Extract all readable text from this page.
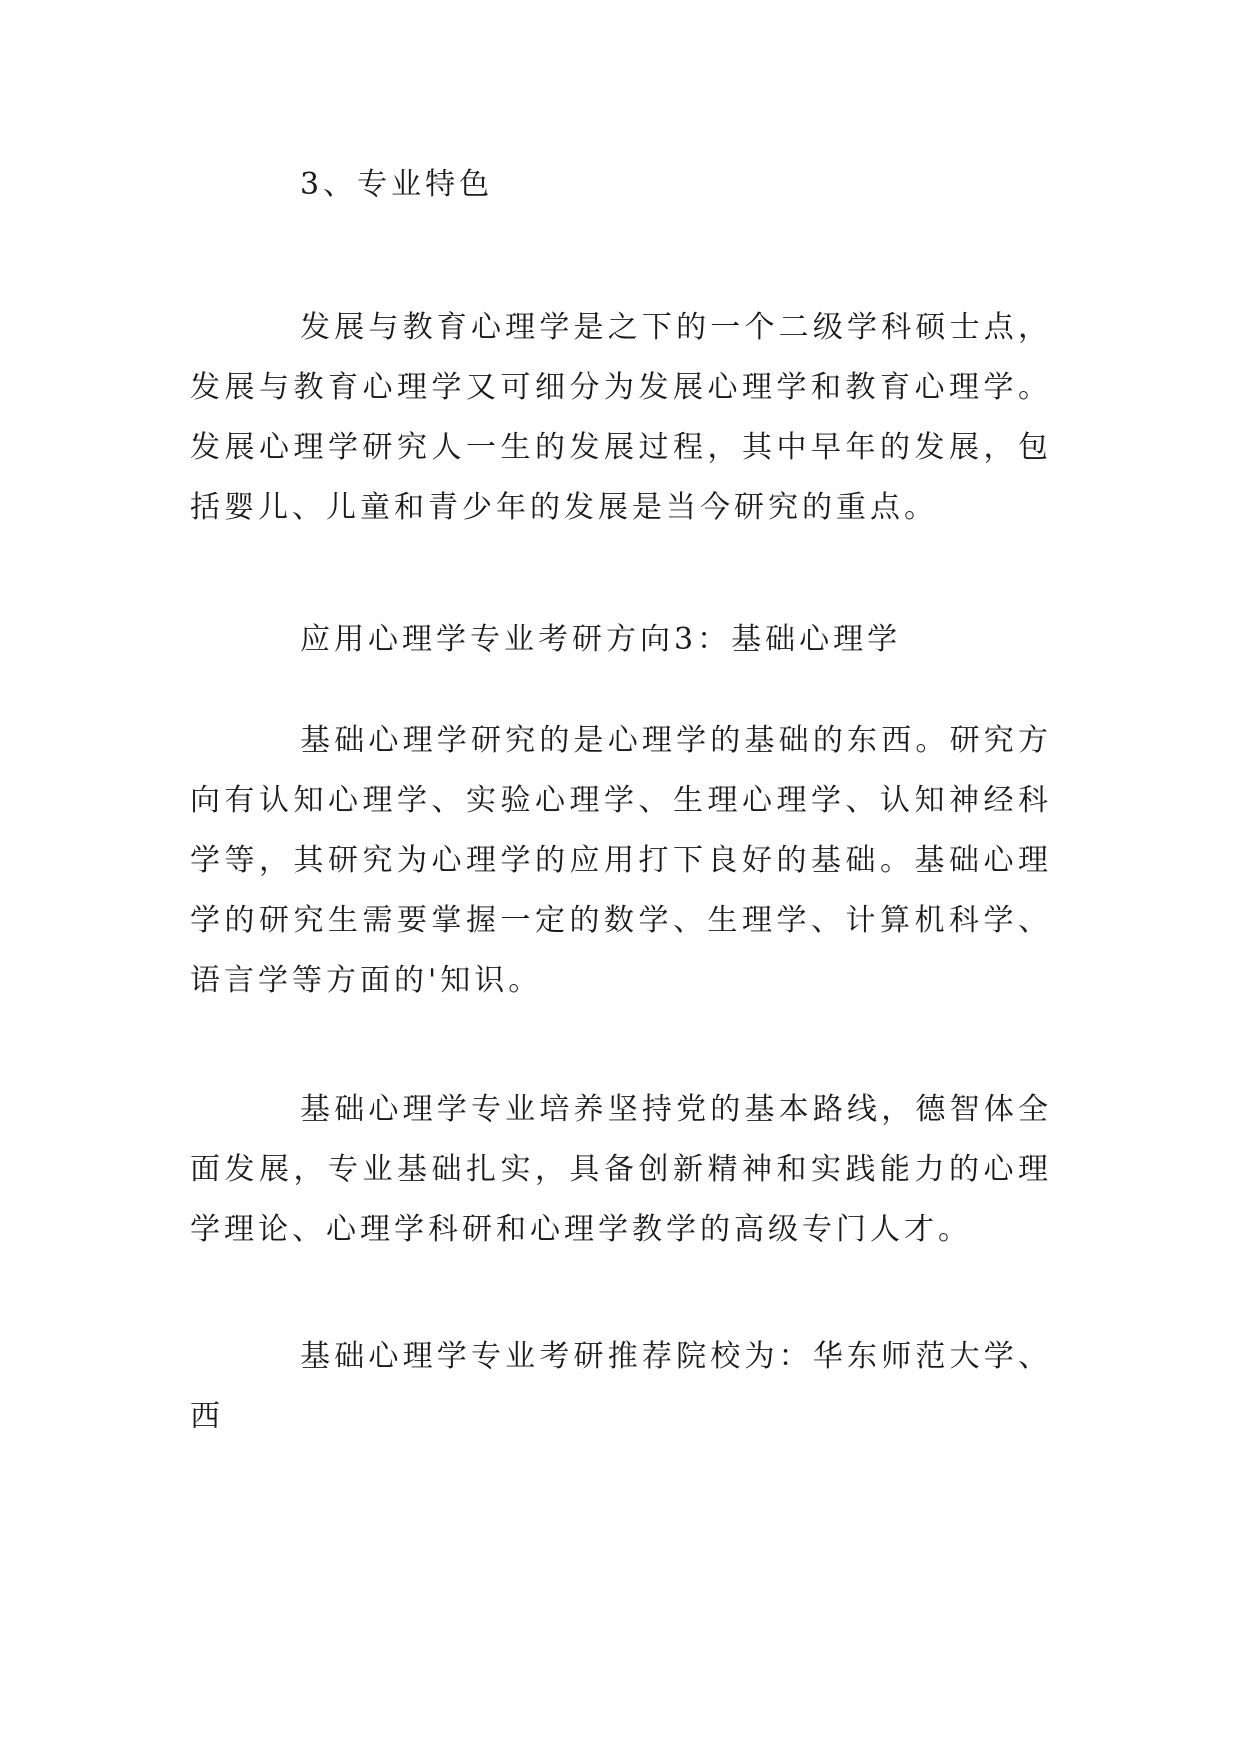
3、专业特色
发展与教育心理学是之下的一个二级学科硕士点，发展与教育心理学又可细分为发展心理学和教育心理学。发展心理学研究人一生的发展过程，其中早年的发展，包括婴儿、儿童和青少年的发展是当今研究的重点。
应用心理学专业考研方向3：基础心理学
基础心理学研究的是心理学的基础的东西。研究方向有认知心理学、实验心理学、生理心理学、认知神经科学等，其研究为心理学的应用打下良好的基础。基础心理学的研究生需要掌握一定的数学、生理学、计算机科学、语言学等方面的'知识。
基础心理学专业培养坚持党的基本路线，德智体全面发展，专业基础扎实，具备创新精神和实践能力的心理学理论、心理学科研和心理学教学的高级专门人才。
基础心理学专业考研推荐院校为：华东师范大学、西
